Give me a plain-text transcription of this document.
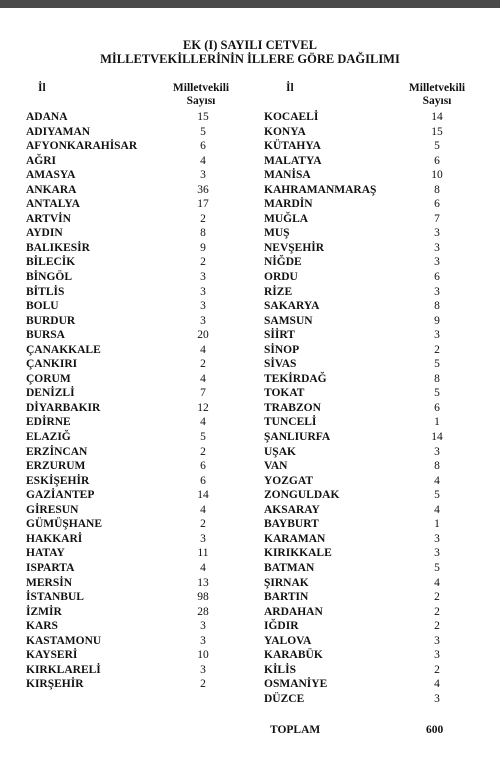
EK (I) SAYILI CETVEL
MİLLETVEKİLLERİNİN İLLERE GÖRE DAĞILIMI
İl	Milletvekili
Sayısı
İl	Milletvekili
Sayısı
ADANA	15
ADIYAMAN	5
AFYONKARAHİSAR	6
AĞRI	4
AMASYA	3
ANKARA	36
ANTALYA	17
ARTVİN	2
AYDIN	8
BALIKESİR	9
BİLECİK	2
BİNGÖL	3
BİTLİS	3
BOLU	3
BURDUR	3
BURSA	20
ÇANAKKALE	4
ÇANKIRI	2
ÇORUM	4
DENİZLİ	7
DİYARBAKIR	12
EDİRNE	4
ELAZIĞ	5
ERZİNCAN	2
ERZURUM	6
ESKİŞEHİR	6
GAZİANTEP	14
GİRESUN	4
GÜMÜŞHANE	2
HAKKARİ	3
HATAY	11
ISPARTA	4
MERSİN	13
İSTANBUL	98
İZMİR	28
KARS	3
KASTAMONU	3
KAYSERİ	10
KIRKLARELİ	3
KIRŞEHİR	2
KOCAELİ	14
KONYA	15
KÜTAHYA	5
MALATYA	6
MANİSA	10
KAHRAMANMARAŞ	8
MARDİN	6
MUĞLA	7
MUŞ	3
NEVŞEHİR	3
NİĞDE	3
ORDU	6
RİZE	3
SAKARYA	8
SAMSUN	9
SİİRT	3
SİNOP	2
SİVAS	5
TEKİRDAĞ	8
TOKAT	5
TRABZON	6
TUNCELİ	1
ŞANLIURFA	14
UŞAK	3
VAN	8
YOZGAT	4
ZONGULDAK	5
AKSARAY	4
BAYBURT	1
KARAMAN	3
KIRIKKALE	3
BATMAN	5
ŞIRNAK	4
BARTIN	2
ARDAHAN	2
IĞDIR	2
YALOVA	3
KARABÜK	3
KİLİS	2
OSMANİYE	4
DÜZCE	3
TOPLAM	600
